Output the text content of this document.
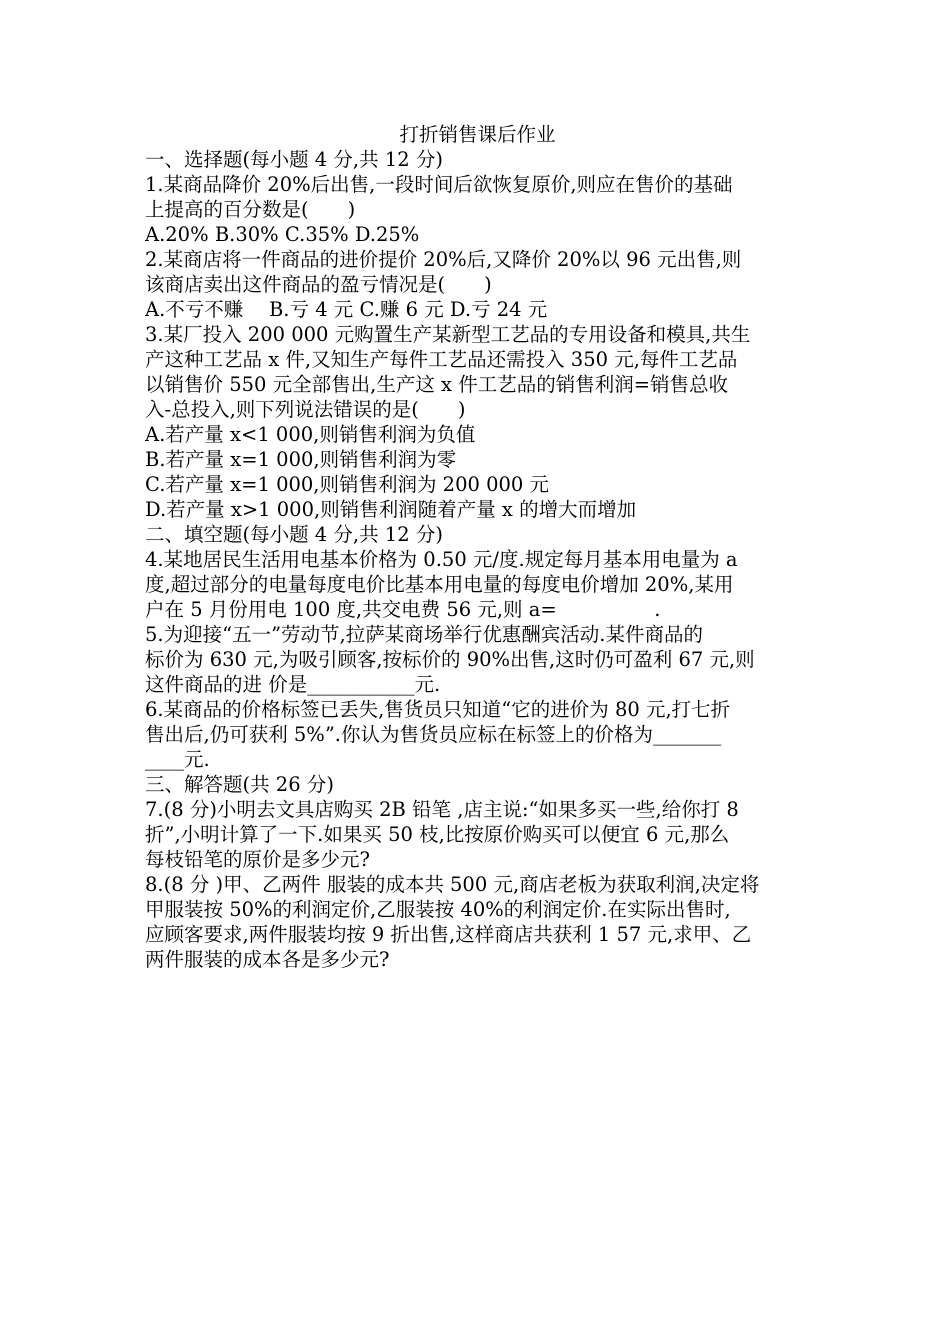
打折销售课后作业

一、选择题(每小题 4 分,共 12 分)

1.某商品降价 20%后出售,一段时间后欲恢复原价,则应在售价的基础

上提高的百分数是(　　)

A.20% B.30% C.35% D.25%

2.某商店将一件商品的进价提价 20%后,又降价 20%以 96 元出售,则

该商店卖出这件商品的盈亏情况是(　　)

A.不亏不赚　 B.亏 4 元 C.赚 6 元 D.亏 24 元

3.某厂投入 200 000 元购置生产某新型工艺品的专用设备和模具,共生

产这种工艺品 x 件,又知生产每件工艺品还需投入 350 元,每件工艺品

以销售价 550 元全部售出,生产这 x 件工艺品的销售利润=销售总收

入-总投入,则下列说法错误的是(　　)

A.若产量 x<1 000,则销售利润为负值

B.若产量 x=1 000,则销售利润为零

C.若产量 x=1 000,则销售利润为 200 000 元

D.若产量 x>1 000,则销售利润随着产量 x 的增大而增加

二、填空题(每小题 4 分,共 12 分)

4.某地居民生活用电基本价格为 0.50 元/度.规定每月基本用电量为 a

度,超过部分的电量每度电价比基本用电量的每度电价增加 20%,某用

户在 5 月份用电 100 度,共交电费 56 元,则 a=　　　　　.

5.为迎接“五一”劳动节,拉萨某商场举行优惠酬宾活动.某件商品的

标价为 630 元,为吸引顾客,按标价的 90%出售,这时仍可盈利 67 元,则

这件商品的进 价是___________元.

6.某商品的价格标签已丢失,售货员只知道“它的进价为 80 元,打七折

售出后,仍可获利 5%”.你认为售货员应标在标签上的价格为_______

____元.

三、解答题(共 26 分)

7.(8 分)小明去文具店购买 2B 铅笔 ,店主说:“如果多买一些,给你打 8

折”,小明计算了一下.如果买 50 枝,比按原价购买可以便宜 6 元,那么

每枝铅笔的原价是多少元?

8.(8 分 )甲、乙两件 服装的成本共 500 元,商店老板为获取利润,决定将

甲服装按 50%的利润定价,乙服装按 40%的利润定价.在实际出售时,

应顾客要求,两件服装均按 9 折出售,这样商店共获利 1 57 元,求甲、乙

两件服装的成本各是多少元?
